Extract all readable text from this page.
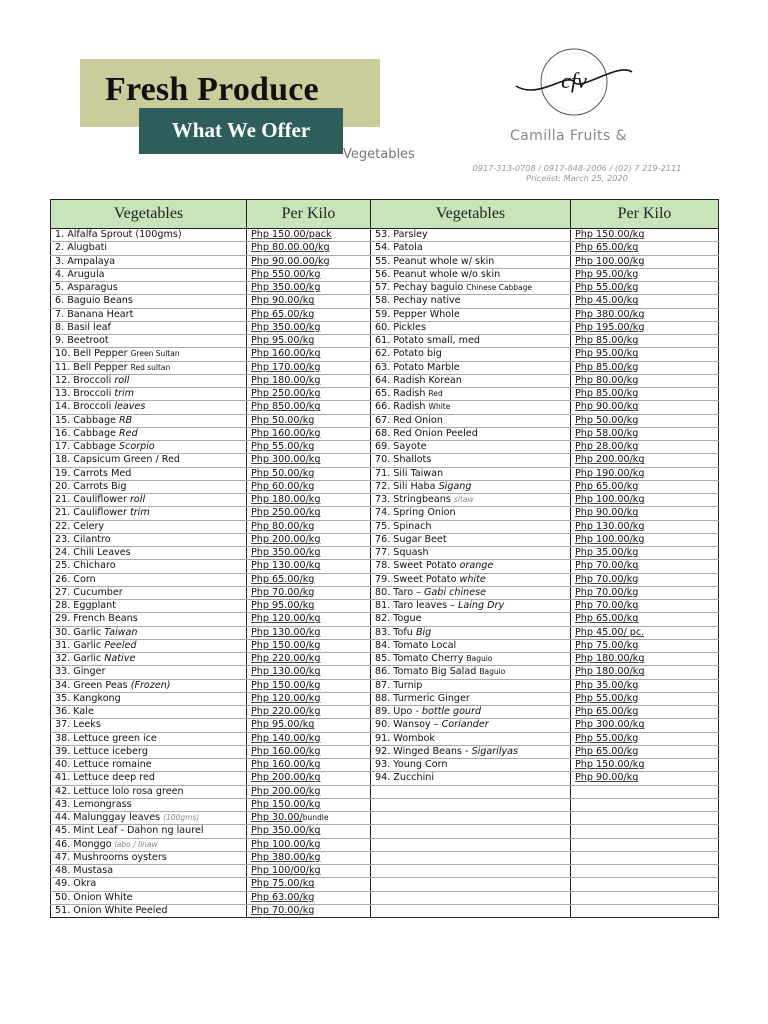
Fresh Produce
What We Offer
Vegetables
cfv
Camilla Fruits &
0917-313-0708 / 0917-848-2006 / (02) 7 219-2111
Pricelist: March 25, 2020
Vegetables	Per Kilo	Vegetables	Per Kilo
1. Alfalfa Sprout (100gms)	Php 150.00/pack	53. Parsley	Php 150.00/kg
2. Alugbati	Php 80.00.00/kg	54. Patola	Php 65.00/kg
3. Ampalaya	Php 90.00.00/kg	55. Peanut whole w/ skin	Php 100.00/kg
4. Arugula	Php 550.00/kg	56. Peanut whole w/o skin	Php 95.00/kg
5. Asparagus	Php 350.00/kg	57. Pechay baguio Chinese Cabbage	Php 55.00/kg
6. Baguio Beans	Php 90.00/kg	58. Pechay native	Php 45.00/kg
7. Banana Heart	Php 65.00/kg	59. Pepper Whole	Php 380.00/kg
8. Basil leaf	Php 350.00/kg	60. Pickles	Php 195.00/kg
9. Beetroot	Php 95.00/kg	61. Potato small, med	Php 85.00/kg
10. Bell Pepper Green Sultan	Php 160.00/kg	62. Potato big	Php 95.00/kg
11. Bell Pepper Red sultan	Php 170.00/kg	63. Potato Marble	Php 85.00/kg
12. Broccoli roll	Php 180.00/kg	64. Radish Korean	Php 80.00/kg
13. Broccoli trim	Php 250.00/kg	65. Radish Red	Php 85.00/kg
14. Broccoli leaves	Php 850.00/kg	66. Radish White	Php 90.00/kg
15. Cabbage RB	Php 50.00/kg	67. Red Onion	Php 50.00/kg
16. Cabbage Red	Php 160.00/kg	68. Red Onion Peeled	Php 58.00/kg
17. Cabbage Scorpio	Php 55.00/kg	69. Sayote	Php 28.00/kg
18. Capsicum Green / Red	Php 300.00/kg	70. Shallots	Php 200.00/kg
19. Carrots Med	Php 50.00/kg	71. Sili Taiwan	Php 190.00/kg
20. Carrots Big	Php 60.00/kg	72. Sili Haba Sigang	Php 65.00/kg
21. Cauliflower roll	Php 180.00/kg	73. Stringbeans sitaw	Php 100.00/kg
21. Cauliflower trim	Php 250.00/kg	74. Spring Onion	Php 90.00/kg
22. Celery	Php 80.00/kg	75. Spinach	Php 130.00/kg
23. Cilantro	Php 200.00/kg	76. Sugar Beet	Php 100.00/kg
24. Chili Leaves	Php 350.00/kg	77. Squash	Php 35.00/kg
25. Chicharo	Php 130.00/kg	78. Sweet Potato orange	Php 70.00/kg
26. Corn	Php 65.00/kg	79. Sweet Potato white	Php 70.00/kg
27. Cucumber	Php 70.00/kg	80. Taro – Gabi chinese	Php 70.00/kg
28. Eggplant	Php 95.00/kg	81. Taro leaves – Laing Dry	Php 70.00/kg
29. French Beans	Php 120.00/kg	82. Togue	Php 65.00/kg
30. Garlic Taiwan	Php 130.00/kg	83. Tofu Big	Php 45.00/ pc.
31. Garlic Peeled	Php 150.00/kg	84. Tomato Local	Php 75.00/kg
32. Garlic Native	Php 220.00/kg	85. Tomato Cherry Baguio	Php 180.00/kg
33. Ginger	Php 130.00/kg	86. Tomato Big Salad Baguio	Php 180.00/kg
34. Green Peas (Frozen)	Php 150.00/kg	87. Turnip	Php 35.00/kg
35. Kangkong	Php 120.00/kg	88. Turmeric Ginger	Php 55.00/kg
36. Kale	Php 220.00/kg	89. Upo - bottle gourd	Php 65.00/kg
37. Leeks	Php 95.00/kg	90. Wansoy – Coriander	Php 300.00/kg
38. Lettuce green ice	Php 140.00/kg	91. Wombok	Php 55.00/kg
39. Lettuce iceberg	Php 160.00/kg	92. Winged Beans - Sigarilyas	Php 65.00/kg
40. Lettuce romaine	Php 160.00/kg	93. Young Corn	Php 150.00/kg
41. Lettuce deep red	Php 200.00/kg	94. Zucchini	Php 90.00/kg
42. Lettuce lolo rosa green	Php 200.00/kg		
43. Lemongrass	Php 150.00/kg		
44. Malunggay leaves (100gms)	Php 30.00/bundle		
45. Mint Leaf - Dahon ng laurel	Php 350.00/kg		
46. Monggo labo / linaw	Php 100.00/kg		
47. Mushrooms oysters	Php 380.00/kg		
48. Mustasa	Php 100/00/kg		
49. Okra	Php 75.00/kg		
50. Onion White	Php 63.00/kg		
51. Onion White Peeled	Php 70.00/kg		
